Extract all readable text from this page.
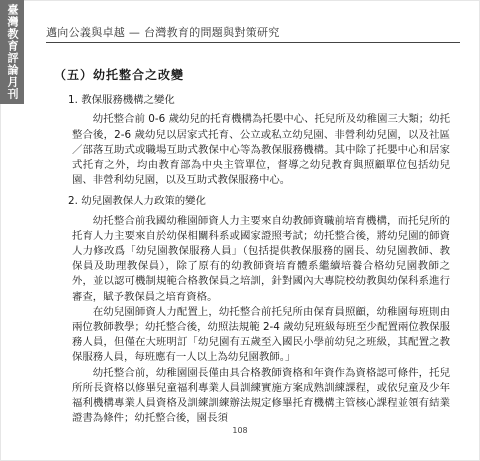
臺灣教育評論月刊	邁向公義與卓越 — 台灣教育的問題與對策研究
（五）幼托整合之改變
1. 教保服務機構之變化

幼托整合前 0-6 歲幼兒的托育機構為托嬰中心、托兒所及幼稚園三大類；幼托整合後，2-6 歲幼兒以居家式托育、公立或私立幼兒園、非營利幼兒園，以及社區／部落互助式或職場互助式教保中心等為教保服務機構。其中除了托嬰中心和居家式托育之外，均由教育部為中央主管單位，督導之幼兒教育與照顧單位包括幼兒園、非營利幼兒園，以及互助式教保服務中心。

2. 幼兒園教保人力政策的變化

幼托整合前我國幼稚園師資人力主要來自幼教師資職前培育機構，而托兒所的托育人力主要來自於幼保相關科系或國家證照考試；幼托整合後，將幼兒園的師資人力修改爲「幼兒園教保服務人員」（包括提供教保服務的園長、幼兒園教師、教保員及助理教保員），除了原有的幼教師資培育體系繼續培養合格幼兒園教師之外，並以認可機制規範合格教保員之培訓，針對國內大專院校幼教與幼保科系進行審查，賦予教保員之培育資格。

在幼兒園師資人力配置上，幼托整合前托兒所由保育員照顧，幼稚園每班則由兩位教師教學；幼托整合後，幼照法規範 2-4 歲幼兒班級每班至少配置兩位教保服務人員，但僅在大班明訂「幼兒園有五歲至入國民小學前幼兒之班級，其配置之教保服務人員，每班應有一人以上為幼兒園教師。」

幼托整合前，幼稚園園長僅由具合格教師資格和年資作為資格認可條件，托兒所所長資格以修畢兒童福利專業人員訓練實施方案成熟訓練課程，或依兒童及少年福利機構專業人員資格及訓練訓練辦法規定修畢托育機構主管核心課程並領有結業證書為條件；幼托整合後，園長須

108
